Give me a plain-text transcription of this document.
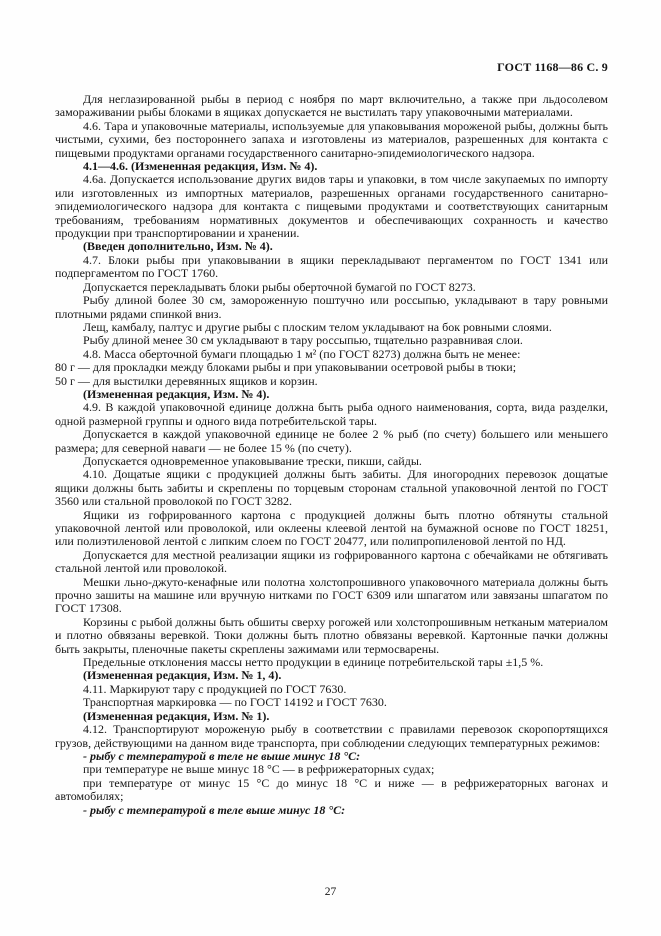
ГОСТ 1168—86 С. 9

Для неглазированной рыбы в период с ноября по март включительно, а также при льдосолевом замораживании рыбы блоками в ящиках допускается не выстилать тару упаковочными материалами.

4.6. Тара и упаковочные материалы, используемые для упаковывания мороженой рыбы, должны быть чистыми, сухими, без постороннего запаха и изготовлены из материалов, разрешенных для контакта с пищевыми продуктами органами государственного санитарно-эпидемиологического надзора.

4.1—4.6. (Измененная редакция, Изм. № 4).

4.6а. Допускается использование других видов тары и упаковки, в том числе закупаемых по импорту или изготовленных из импортных материалов, разрешенных органами государственного санитарно-эпидемиологического надзора для контакта с пищевыми продуктами и соответствующих санитарным требованиям, требованиям нормативных документов и обеспечивающих сохранность и качество продукции при транспортировании и хранении.

(Введен дополнительно, Изм. № 4).

4.7. Блоки рыбы при упаковывании в ящики перекладывают пергаментом по ГОСТ 1341 или подпергаментом по ГОСТ 1760.

Допускается перекладывать блоки рыбы оберточной бумагой по ГОСТ 8273.

Рыбу длиной более 30 см, замороженную поштучно или россыпью, укладывают в тару ровными плотными рядами спинкой вниз.

Лещ, камбалу, палтус и другие рыбы с плоским телом укладывают на бок ровными слоями.

Рыбу длиной менее 30 см укладывают в тару россыпью, тщательно разравнивая слои.

4.8. Масса оберточной бумаги площадью 1 м² (по ГОСТ 8273) должна быть не менее:

80 г — для прокладки между блоками рыбы и при упаковывании осетровой рыбы в тюки;

50 г — для выстилки деревянных ящиков и корзин.

(Измененная редакция, Изм. № 4).

4.9. В каждой упаковочной единице должна быть рыба одного наименования, сорта, вида разделки, одной размерной группы и одного вида потребительской тары.

Допускается в каждой упаковочной единице не более 2 % рыб (по счету) большего или меньшего размера; для северной наваги — не более 15 % (по счету).

Допускается одновременное упаковывание трески, пикши, сайды.

4.10. Дощатые ящики с продукцией должны быть забиты. Для иногородних перевозок дощатые ящики должны быть забиты и скреплены по торцевым сторонам стальной упаковочной лентой по ГОСТ 3560 или стальной проволокой по ГОСТ 3282.

Ящики из гофрированного картона с продукцией должны быть плотно обтянуты стальной упаковочной лентой или проволокой, или оклеены клеевой лентой на бумажной основе по ГОСТ 18251, или полиэтиленовой лентой с липким слоем по ГОСТ 20477, или полипропиленовой лентой по НД.

Допускается для местной реализации ящики из гофрированного картона с обечайками не обтягивать стальной лентой или проволокой.

Мешки льно-джуто-кенафные или полотна холстопрошивного упаковочного материала должны быть прочно зашиты на машине или вручную нитками по ГОСТ 6309 или шпагатом или завязаны шпагатом по ГОСТ 17308.

Корзины с рыбой должны быть обшиты сверху рогожей или холстопрошивным нетканым материалом и плотно обвязаны веревкой. Тюки должны быть плотно обвязаны веревкой. Картонные пачки должны быть закрыты, пленочные пакеты скреплены зажимами или термосварены.

Предельные отклонения массы нетто продукции в единице потребительской тары ±1,5 %.

(Измененная редакция, Изм. № 1, 4).

4.11. Маркируют тару с продукцией по ГОСТ 7630.

Транспортная маркировка — по ГОСТ 14192 и ГОСТ 7630.

(Измененная редакция, Изм. № 1).

4.12. Транспортируют мороженую рыбу в соответствии с правилами перевозок скоропортящихся грузов, действующими на данном виде транспорта, при соблюдении следующих температурных режимов:

- рыбу с температурой в теле не выше минус 18 °С:

при температуре не выше минус 18 °С — в рефрижераторных судах;

при температуре от минус 15 °С до минус 18 °С и ниже — в рефрижераторных вагонах и автомобилях;

- рыбу с температурой в теле выше минус 18 °С:

27
